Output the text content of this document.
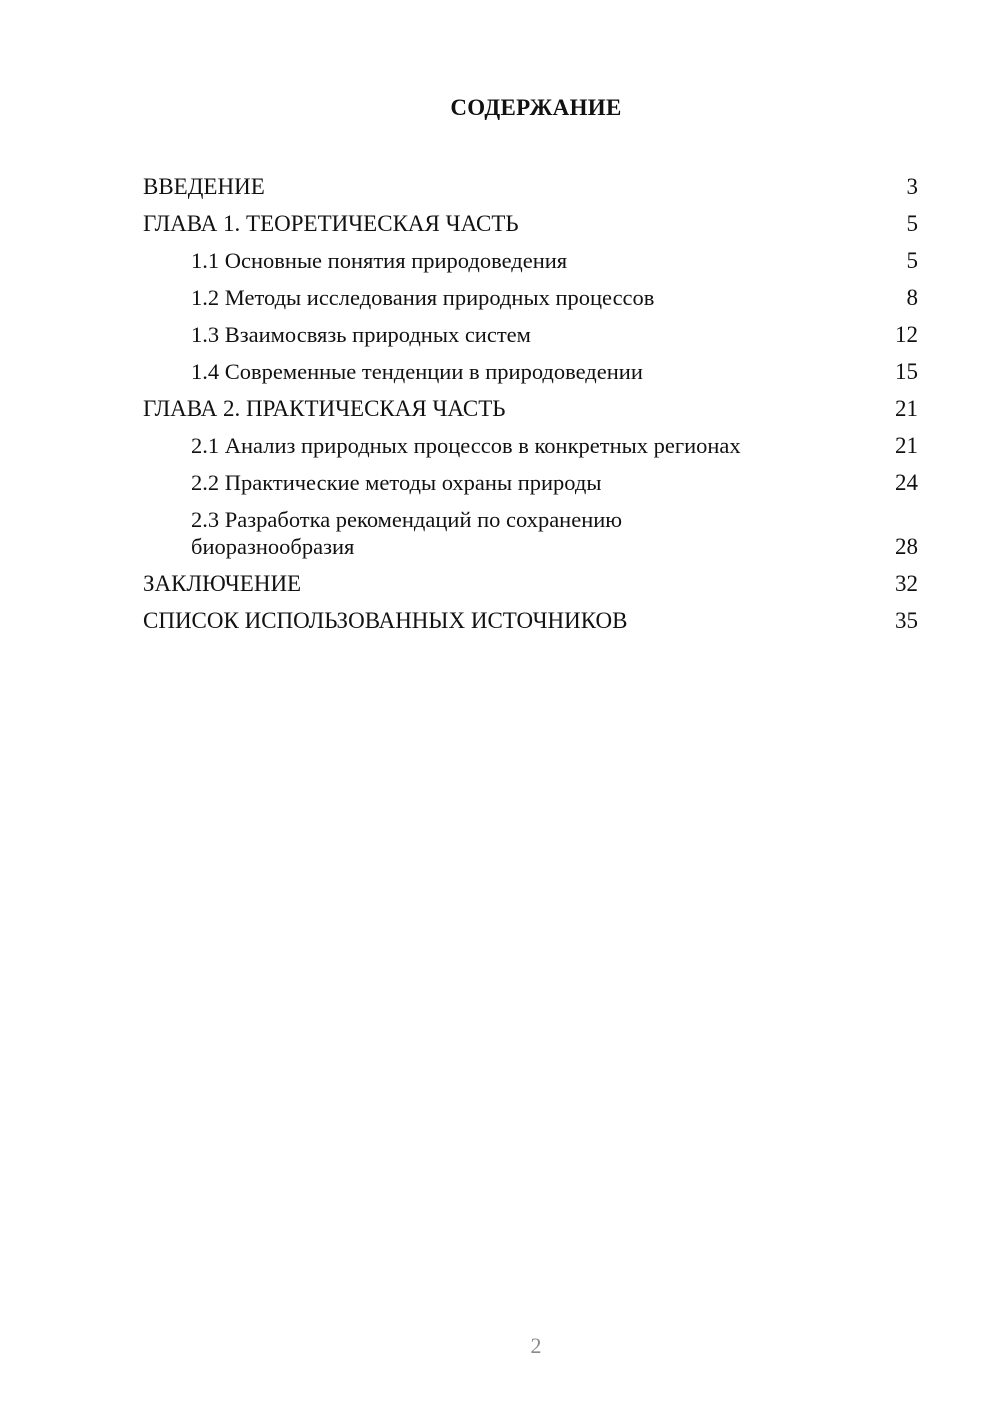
СОДЕРЖАНИЕ
ВВЕДЕНИЕ	3
ГЛАВА 1. ТЕОРЕТИЧЕСКАЯ ЧАСТЬ	5
1.1 Основные понятия природоведения	5
1.2 Методы исследования природных процессов	8
1.3 Взаимосвязь природных систем	12
1.4 Современные тенденции в природоведении	15
ГЛАВА 2. ПРАКТИЧЕСКАЯ ЧАСТЬ	21
2.1 Анализ природных процессов в конкретных регионах	21
2.2 Практические методы охраны природы	24
2.3 Разработка рекомендаций по сохранению биоразнообразия	28
ЗАКЛЮЧЕНИЕ	32
СПИСОК ИСПОЛЬЗОВАННЫХ ИСТОЧНИКОВ	35
2
